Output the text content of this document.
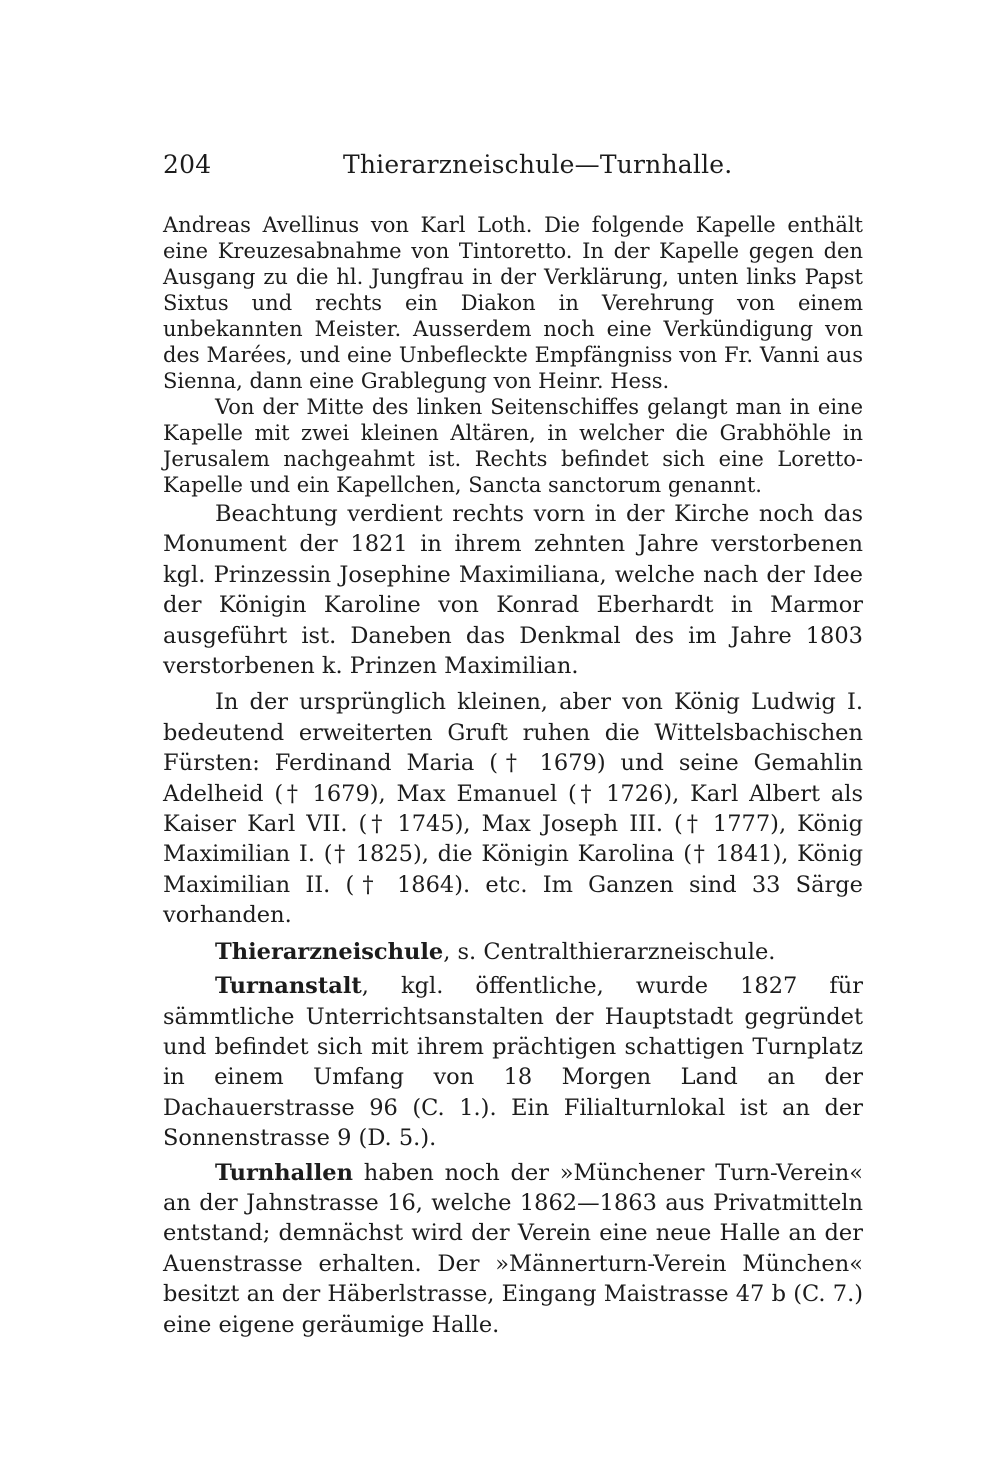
204	Thierarzneischule—Turnhalle.

Andreas Avellinus von Karl Loth. Die folgende Kapelle enthält eine Kreuzesabnahme von Tintoretto. In der Kapelle gegen den Ausgang zu die hl. Jungfrau in der Verklärung, unten links Papst Sixtus und rechts ein Diakon in Verehrung von einem unbekannten Meister. Ausserdem noch eine Verkündigung von des Marées, und eine Unbefleckte Empfängniss von Fr. Vanni aus Sienna, dann eine Grablegung von Heinr. Hess.

Von der Mitte des linken Seitenschiffes gelangt man in eine Kapelle mit zwei kleinen Altären, in welcher die Grabhöhle in Jerusalem nachgeahmt ist. Rechts befindet sich eine Loretto-Kapelle und ein Kapellchen, Sancta sanctorum genannt.

Beachtung verdient rechts vorn in der Kirche noch das Monument der 1821 in ihrem zehnten Jahre verstorbenen kgl. Prinzessin Josephine Maximiliana, welche nach der Idee der Königin Karoline von Konrad Eberhardt in Marmor ausgeführt ist. Daneben das Denkmal des im Jahre 1803 verstorbenen k. Prinzen Maximilian.

In der ursprünglich kleinen, aber von König Ludwig I. bedeutend erweiterten Gruft ruhen die Wittelsbachischen Fürsten: Ferdinand Maria († 1679) und seine Gemahlin Adelheid († 1679), Max Emanuel († 1726), Karl Albert als Kaiser Karl VII. († 1745), Max Joseph III. († 1777), König Maximilian I. († 1825), die Königin Karolina († 1841), König Maximilian II. († 1864). etc. Im Ganzen sind 33 Särge vorhanden.

Thierarzneischule, s. Centralthierarzneischule.

Turnanstalt, kgl. öffentliche, wurde 1827 für sämmtliche Unterrichtsanstalten der Hauptstadt gegründet und befindet sich mit ihrem prächtigen schattigen Turnplatz in einem Umfang von 18 Morgen Land an der Dachauerstrasse 96 (C. 1.). Ein Filialturnlokal ist an der Sonnenstrasse 9 (D. 5.).

Turnhallen haben noch der »Münchener Turn-Verein« an der Jahnstrasse 16, welche 1862—1863 aus Privatmitteln entstand; demnächst wird der Verein eine neue Halle an der Auenstrasse erhalten. Der »Männerturn-Verein München« besitzt an der Häberlstrasse, Eingang Maistrasse 47 b (C. 7.) eine eigene geräumige Halle.
